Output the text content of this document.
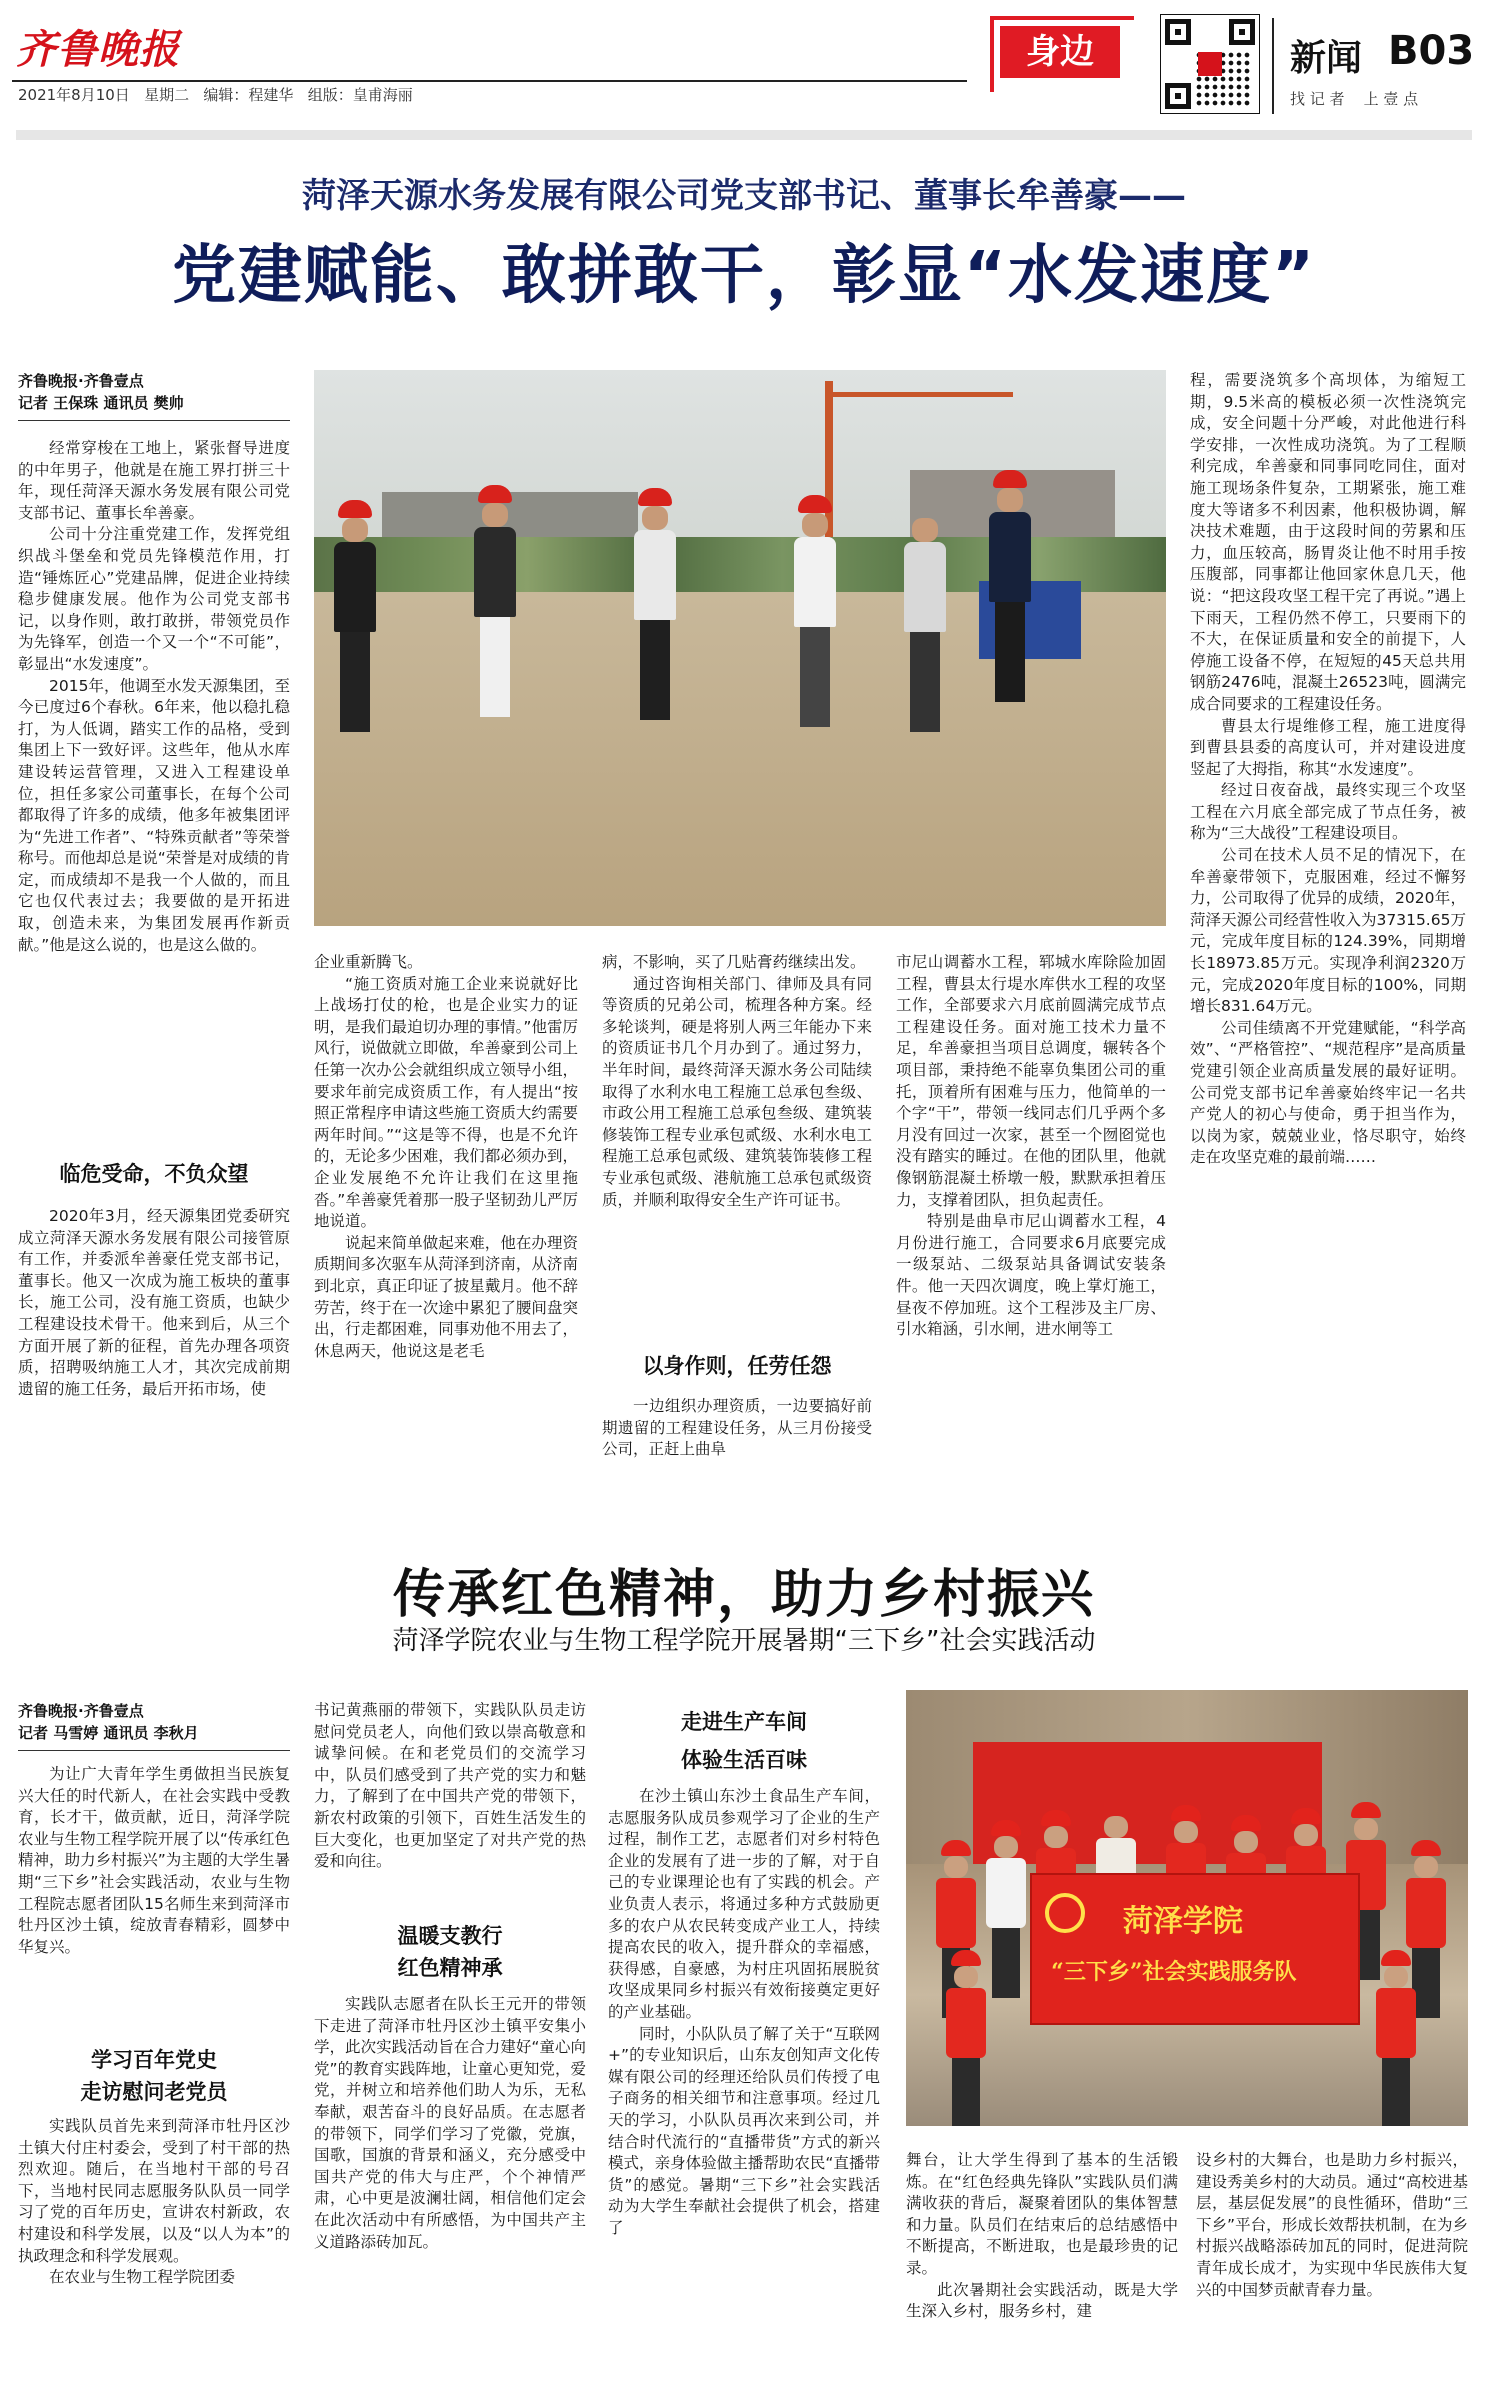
齐鲁晚报
2021年8月10日   星期二   编辑：程建华   组版：皇甫海丽
身边	新闻 B03
找 记 者    上 壹 点
菏泽天源水务发展有限公司党支部书记、董事长牟善豪——
党建赋能、敢拼敢干，彰显“水发速度”
齐鲁晚报·齐鲁壹点
记者 王保珠 通讯员 樊帅

经常穿梭在工地上，紧张督导进度的中年男子，他就是在施工界打拼三十年，现任菏泽天源水务发展有限公司党支部书记、董事长牟善豪。

公司十分注重党建工作，发挥党组织战斗堡垒和党员先锋模范作用，打造“锤炼匠心”党建品牌，促进企业持续稳步健康发展。他作为公司党支部书记，以身作则，敢打敢拼，带领党员作为先锋军，创造一个又一个“不可能”，彰显出“水发速度”。

2015年，他调至水发天源集团，至今已度过6个春秋。6年来，他以稳扎稳打，为人低调，踏实工作的品格，受到集团上下一致好评。这些年，他从水库建设转运营管理，又进入工程建设单位，担任多家公司董事长，在每个公司都取得了许多的成绩，他多年被集团评为“先进工作者”、“特殊贡献者”等荣誉称号。而他却总是说“荣誉是对成绩的肯定，而成绩却不是我一个人做的，而且它也仅代表过去；我要做的是开拓进取，创造未来，为集团发展再作新贡献。”他是这么说的，也是这么做的。

临危受命，不负众望

2020年3月，经天源集团党委研究成立菏泽天源水务发展有限公司接管原有工作，并委派牟善豪任党支部书记，董事长。他又一次成为施工板块的董事长，施工公司，没有施工资质，也缺少工程建设技术骨干。他来到后，从三个方面开展了新的征程，首先办理各项资质，招聘吸纳施工人才，其次完成前期遗留的施工任务，最后开拓市场，使

企业重新腾飞。

“施工资质对施工企业来说就好比上战场打仗的枪，也是企业实力的证明，是我们最迫切办理的事情。”他雷厉风行，说做就立即做，牟善豪到公司上任第一次办公会就组织成立领导小组，要求年前完成资质工作，有人提出“按照正常程序申请这些施工资质大约需要两年时间。”“这是等不得，也是不允许的，无论多少困难，我们都必须办到，企业发展绝不允许让我们在这里拖沓。”牟善豪凭着那一股子坚韧劲儿严厉地说道。

说起来简单做起来难，他在办理资质期间多次驱车从菏泽到济南，从济南到北京，真正印证了披星戴月。他不辞劳苦，终于在一次途中累犯了腰间盘突出，行走都困难，同事劝他不用去了，休息两天，他说这是老毛

病，不影响，买了几贴膏药继续出发。

通过咨询相关部门、律师及具有同等资质的兄弟公司，梳理各种方案。经多轮谈判，硬是将别人两三年能办下来的资质证书几个月办到了。通过努力，半年时间，最终菏泽天源水务公司陆续取得了水利水电工程施工总承包叁级、市政公用工程施工总承包叁级、建筑装修装饰工程专业承包贰级、水利水电工程施工总承包贰级、建筑装饰装修工程专业承包贰级、港航施工总承包贰级资质，并顺利取得安全生产许可证书。

以身作则，任劳任怨

一边组织办理资质，一边要搞好前期遗留的工程建设任务，从三月份接受公司，正赶上曲阜

市尼山调蓄水工程，郓城水库除险加固工程，曹县太行堤水库供水工程的攻坚工作，全部要求六月底前圆满完成节点工程建设任务。面对施工技术力量不足，牟善豪担当项目总调度，辗转各个项目部，秉持绝不能辜负集团公司的重托，顶着所有困难与压力，他简单的一个字“干”，带领一线同志们几乎两个多月没有回过一次家，甚至一个囫囵觉也没有踏实的睡过。在他的团队里，他就像钢筋混凝土桥墩一般，默默承担着压力，支撑着团队，担负起责任。

特别是曲阜市尼山调蓄水工程，4月份进行施工，合同要求6月底要完成一级泵站、二级泵站具备调试安装条件。他一天四次调度，晚上掌灯施工，昼夜不停加班。这个工程涉及主厂房、引水箱涵，引水闸，进水闸等工

程，需要浇筑多个高坝体，为缩短工期，9.5米高的模板必须一次性浇筑完成，安全问题十分严峻，对此他进行科学安排，一次性成功浇筑。为了工程顺利完成，牟善豪和同事同吃同住，面对施工现场条件复杂，工期紧张，施工难度大等诸多不利因素，他积极协调，解决技术难题，由于这段时间的劳累和压力，血压较高，肠胃炎让他不时用手按压腹部，同事都让他回家休息几天，他说：“把这段攻坚工程干完了再说。”遇上下雨天，工程仍然不停工，只要雨下的不大，在保证质量和安全的前提下，人停施工设备不停，在短短的45天总共用钢筋2476吨，混凝土26523吨，圆满完成合同要求的工程建设任务。

曹县太行堤维修工程，施工进度得到曹县县委的高度认可，并对建设进度竖起了大拇指，称其“水发速度”。

经过日夜奋战，最终实现三个攻坚工程在六月底全部完成了节点任务，被称为“三大战役”工程建设项目。

公司在技术人员不足的情况下，在牟善豪带领下，克服困难，经过不懈努力，公司取得了优异的成绩，2020年，菏泽天源公司经营性收入为37315.65万元，完成年度目标的124.39%，同期增长18973.85万元。实现净利润2320万元，完成2020年度目标的100%，同期增长831.64万元。

公司佳绩离不开党建赋能，“科学高效”、“严格管控”、“规范程序”是高质量党建引领企业高质量发展的最好证明。公司党支部书记牟善豪始终牢记一名共产党人的初心与使命，勇于担当作为，以岗为家，兢兢业业，恪尽职守，始终走在攻坚克难的最前端……

传承红色精神，助力乡村振兴
菏泽学院农业与生物工程学院开展暑期“三下乡”社会实践活动
齐鲁晚报·齐鲁壹点
记者 马雪婷 通讯员 李秋月

为让广大青年学生勇做担当民族复兴大任的时代新人，在社会实践中受教育，长才干，做贡献，近日，菏泽学院农业与生物工程学院开展了以“传承红色精神，助力乡村振兴”为主题的大学生暑期“三下乡”社会实践活动，农业与生物工程院志愿者团队15名师生来到菏泽市牡丹区沙土镇，绽放青春精彩，圆梦中华复兴。

学习百年党史
走访慰问老党员

实践队员首先来到菏泽市牡丹区沙土镇大付庄村委会，受到了村干部的热烈欢迎。随后，在当地村干部的号召下，当地村民同志愿服务队队员一同学习了党的百年历史，宣讲农村新政，农村建设和科学发展，以及“以人为本”的执政理念和科学发展观。

在农业与生物工程学院团委

书记黄燕丽的带领下，实践队队员走访慰问党员老人，向他们致以崇高敬意和诚挚问候。在和老党员们的交流学习中，队员们感受到了共产党的实力和魅力，了解到了在中国共产党的带领下，新农村政策的引领下，百姓生活发生的巨大变化，也更加坚定了对共产党的热爱和向往。

温暖支教行
红色精神承

实践队志愿者在队长王元开的带领下走进了菏泽市牡丹区沙土镇平安集小学，此次实践活动旨在合力建好“童心向党”的教育实践阵地，让童心更知党，爱党，并树立和培养他们助人为乐，无私奉献，艰苦奋斗的良好品质。在志愿者的带领下，同学们学习了党徽，党旗，国歌，国旗的背景和涵义，充分感受中国共产党的伟大与庄严，个个神情严肃，心中更是波澜壮阔，相信他们定会在此次活动中有所感悟，为中国共产主义道路添砖加瓦。

走进生产车间
体验生活百味

在沙土镇山东沙土食品生产车间，志愿服务队成员参观学习了企业的生产过程，制作工艺，志愿者们对乡村特色企业的发展有了进一步的了解，对于自己的专业课理论也有了实践的机会。产业负责人表示，将通过多种方式鼓励更多的农户从农民转变成产业工人，持续提高农民的收入，提升群众的幸福感，获得感，自豪感，为村庄巩固拓展脱贫攻坚成果同乡村振兴有效衔接奠定更好的产业基础。

同时，小队队员了解了关于“互联网+”的专业知识后，山东友创知声文化传媒有限公司的经理还给队员们传授了电子商务的相关细节和注意事项。经过几天的学习，小队队员再次来到公司，并结合时代流行的“直播带货”方式的新兴模式，亲身体验做主播帮助农民“直播带货”的感觉。暑期“三下乡”社会实践活动为大学生奉献社会提供了机会，搭建了

菏泽学院
“三下乡”社会实践服务队

舞台，让大学生得到了基本的生活锻炼。在“红色经典先锋队”实践队员们满满收获的背后，凝聚着团队的集体智慧和力量。队员们在结束后的总结感悟中不断提高，不断进取，也是最珍贵的记录。

此次暑期社会实践活动，既是大学生深入乡村，服务乡村，建

设乡村的大舞台，也是助力乡村振兴，建设秀美乡村的大动员。通过“高校进基层，基层促发展”的良性循环，借助“三下乡”平台，形成长效帮扶机制，在为乡村振兴战略添砖加瓦的同时，促进菏院青年成长成才，为实现中华民族伟大复兴的中国梦贡献青春力量。
